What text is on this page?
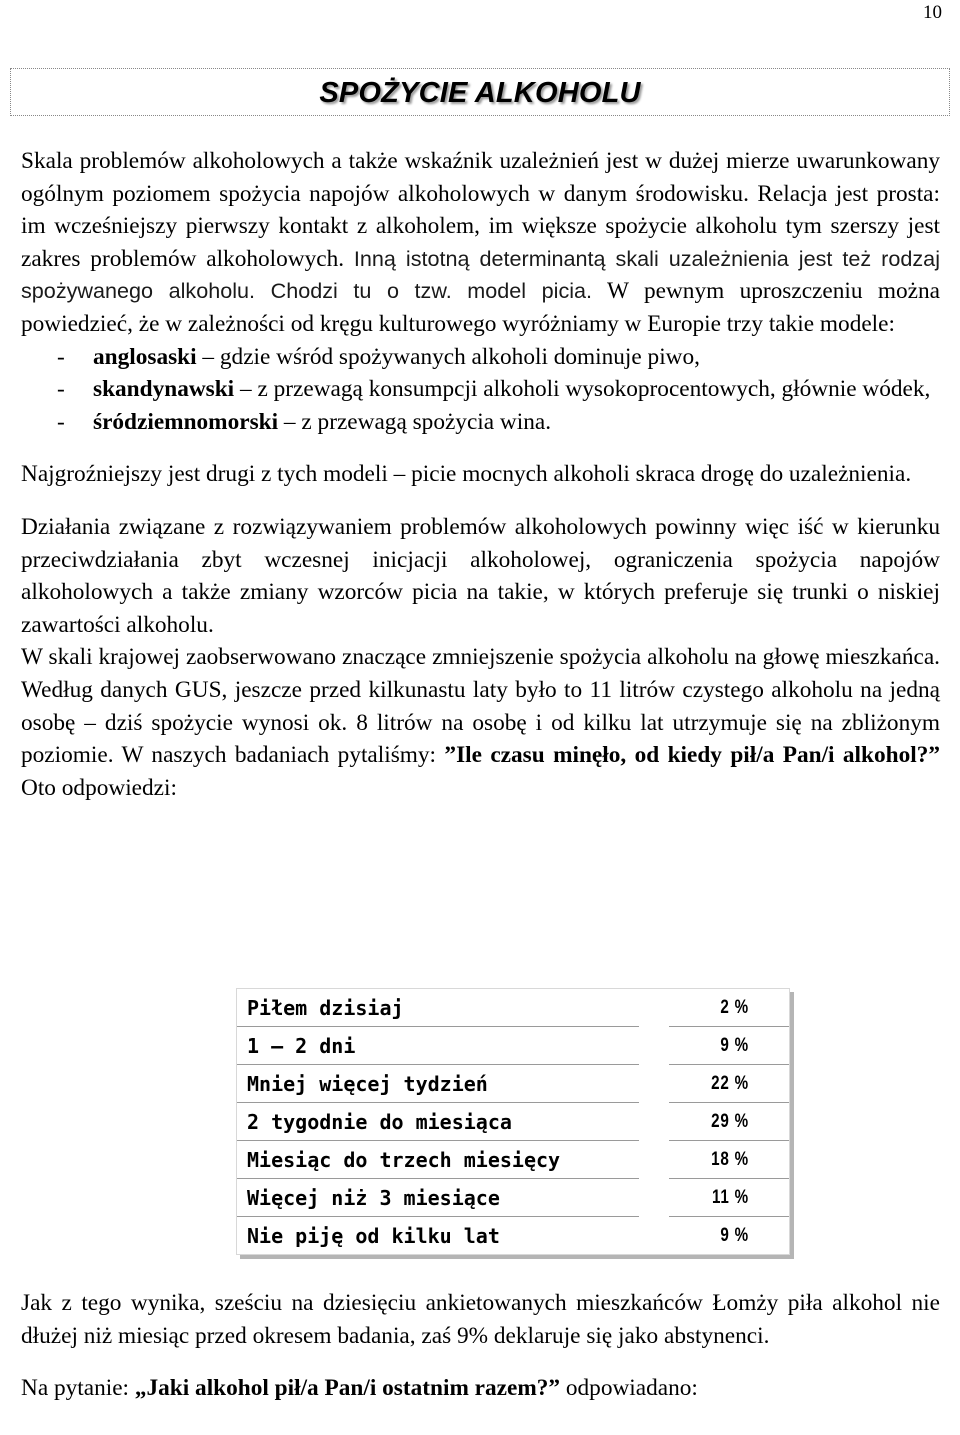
10
SPOŻYCIE ALKOHOLU

Skala problemów alkoholowych a także wskaźnik uzależnień jest w dużej mierze uwarunkowany ogólnym poziomem spożycia napojów alkoholowych w danym środowisku. Relacja jest prosta: im wcześniejszy pierwszy kontakt z alkoholem, im większe spożycie alkoholu tym szerszy jest zakres problemów alkoholowych. Inną istotną determinantą skali uzależnienia jest też rodzaj spożywanego alkoholu. Chodzi tu o tzw. model picia. W pewnym uproszczeniu można powiedzieć, że w zależności od kręgu kulturowego wyróżniamy w Europie trzy takie modele:

- anglosaski – gdzie wśród spożywanych alkoholi dominuje piwo,
- skandynawski – z przewagą konsumpcji alkoholi wysokoprocentowych, głównie wódek,
- śródziemnomorski – z przewagą spożycia wina.

Najgroźniejszy jest drugi z tych modeli – picie mocnych alkoholi skraca drogę do uzależnienia.

Działania związane z rozwiązywaniem problemów alkoholowych powinny więc iść w kierunku przeciwdziałania zbyt wczesnej inicjacji alkoholowej, ograniczenia spożycia napojów alkoholowych a także zmiany wzorców picia na takie, w których preferuje się trunki o niskiej zawartości alkoholu.

W skali krajowej zaobserwowano znaczące zmniejszenie spożycia alkoholu na głowę mieszkańca. Według danych GUS, jeszcze przed kilkunastu laty było to 11 litrów czystego alkoholu na jedną osobę – dziś spożycie wynosi ok. 8 litrów na osobę i od kilku lat utrzymuje się na zbliżonym poziomie. W naszych badaniach pytaliśmy: ”Ile czasu minęło, od kiedy pił/a Pan/i alkohol?” Oto odpowiedzi:

Piłem dzisiaj	2 %
1 – 2 dni	9 %
Mniej więcej tydzień	22 %
2 tygodnie do miesiąca	29 %
Miesiąc do trzech miesięcy	18 %
Więcej niż 3 miesiące	11 %
Nie piję od kilku lat	9 %

Jak z tego wynika, sześciu na dziesięciu ankietowanych mieszkańców Łomży piła alkohol nie dłużej niż miesiąc przed okresem badania, zaś 9% deklaruje się jako abstynenci.

Na pytanie: „Jaki alkohol pił/a Pan/i ostatnim razem?” odpowiadano:
